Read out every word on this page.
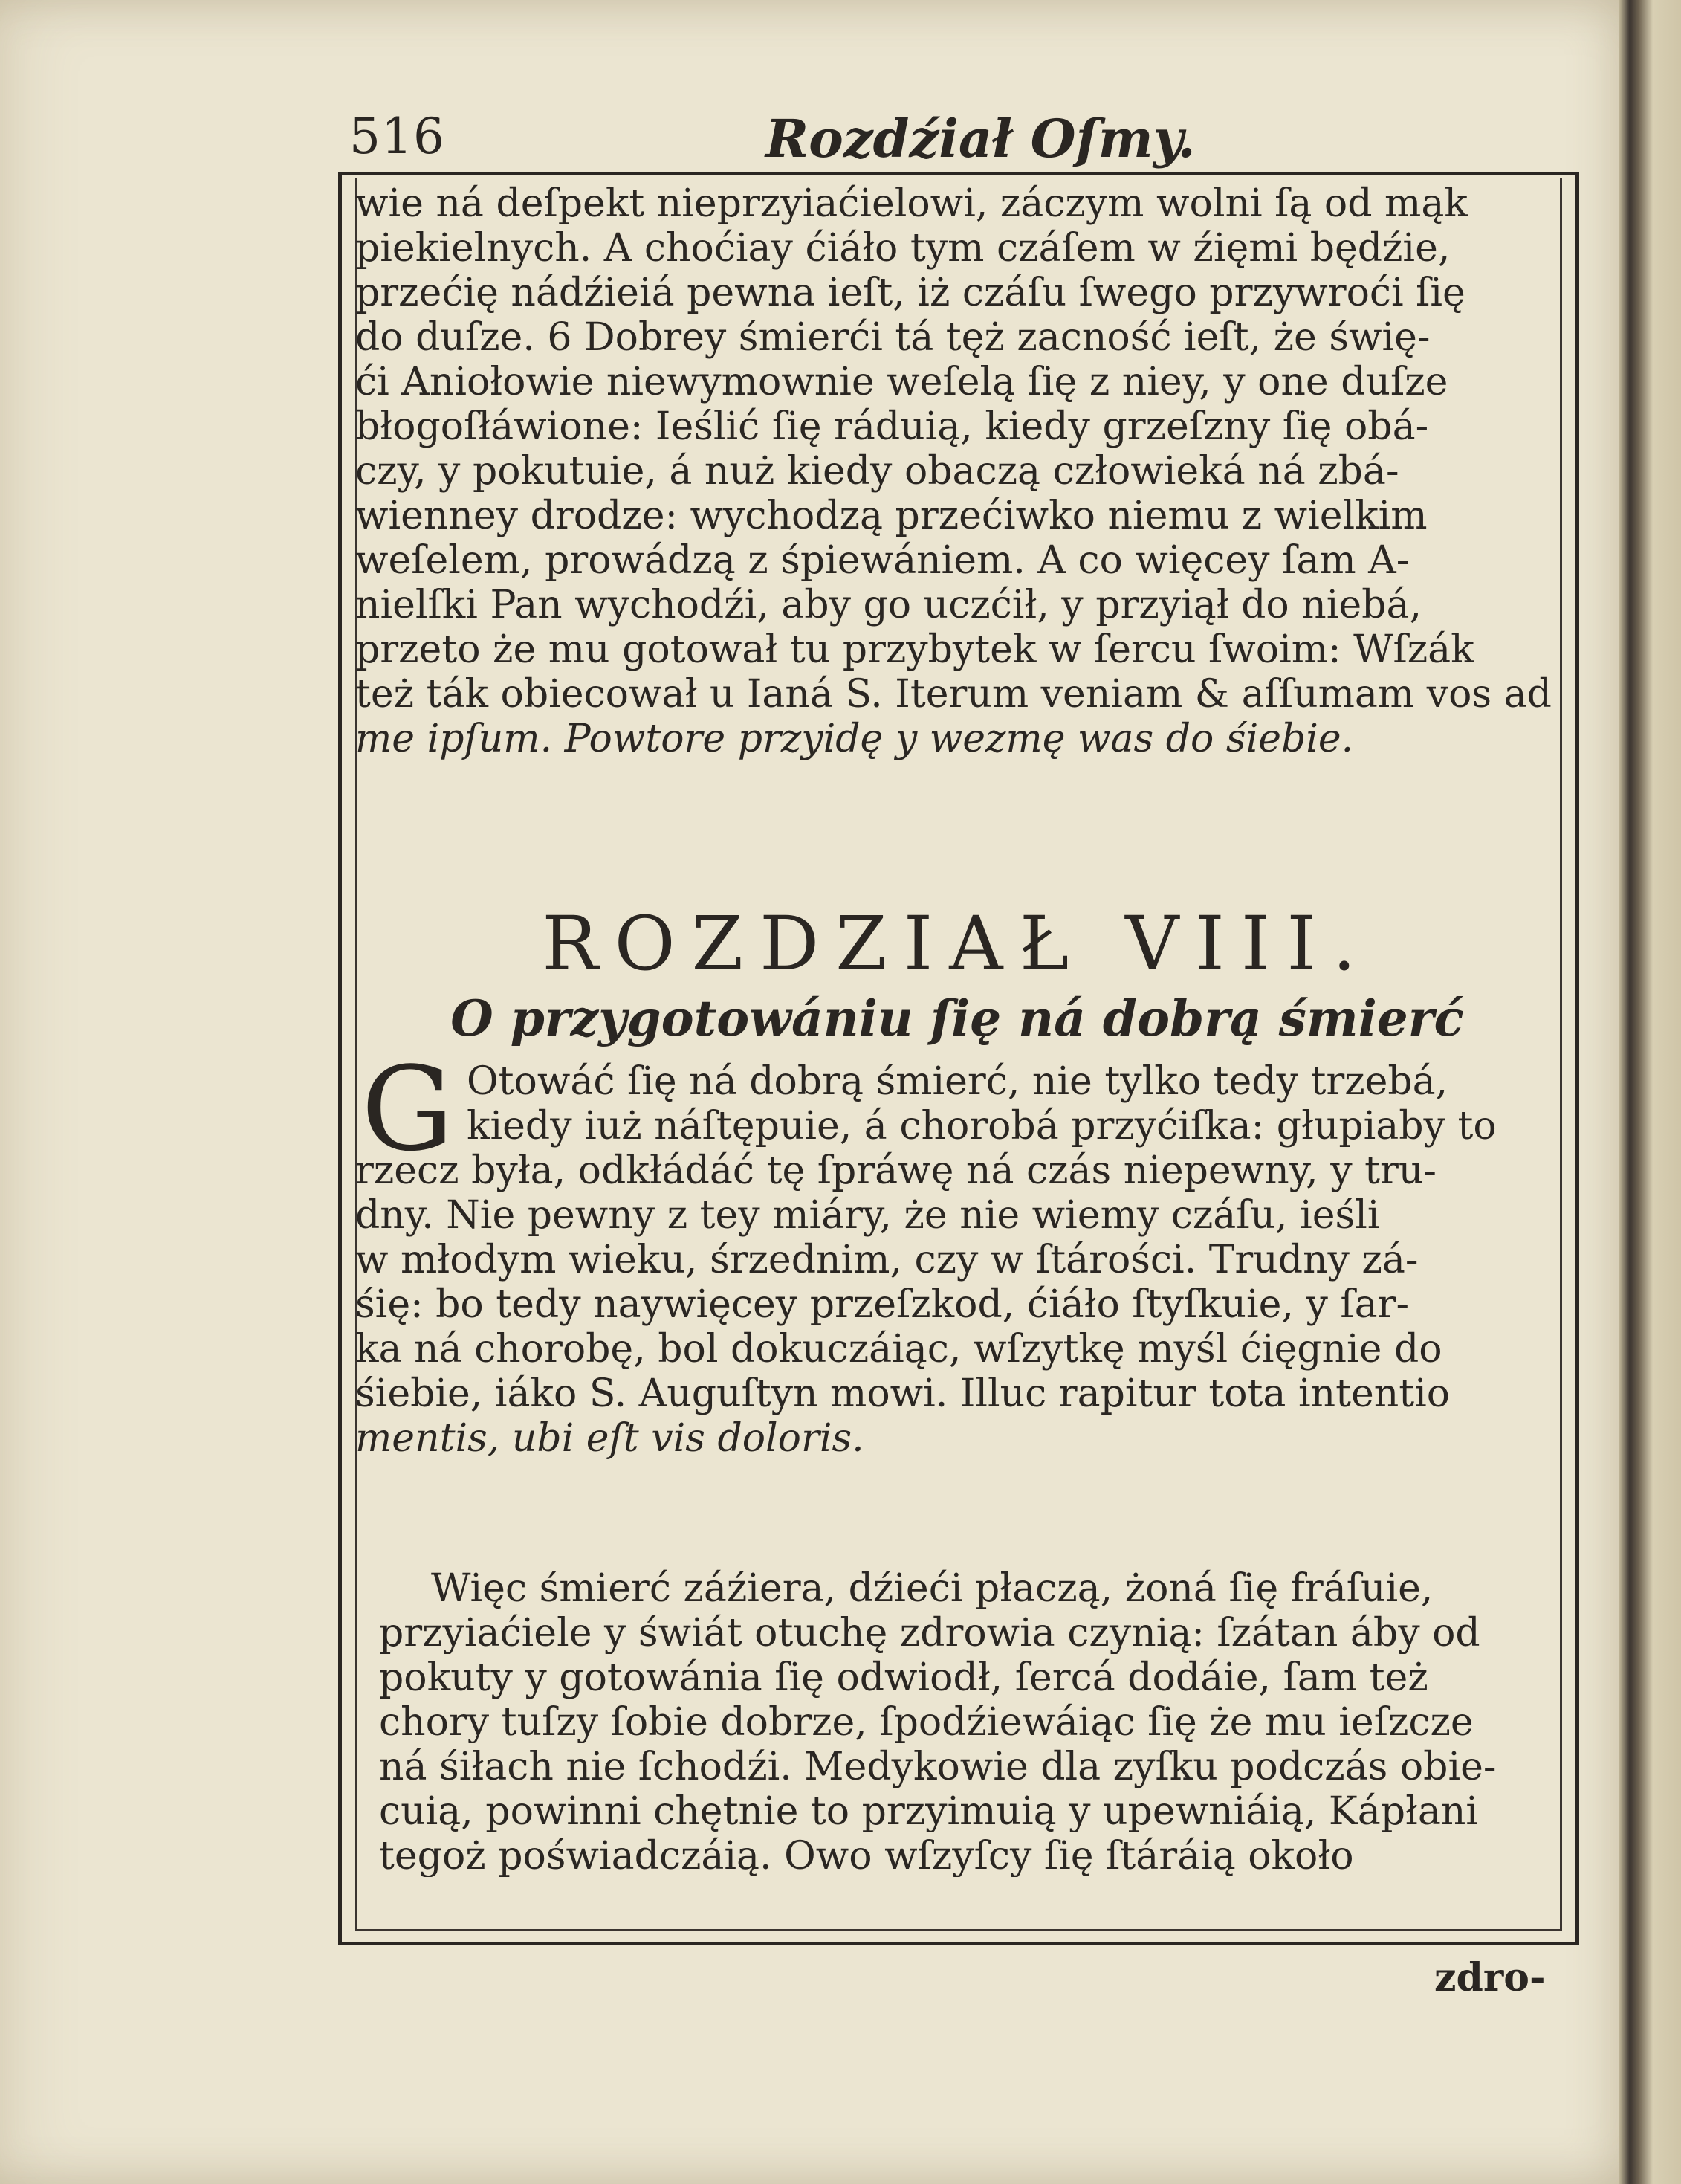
516	Rozdźiał Oſmy.
wie ná deſpekt nieprzyiaćielowi, záczym wolni ſą od mąk
piekielnych. A choćiay ćiáło tym czáſem w źięmi będźie,
przećię nádźieiá pewna ieſt, iż czáſu ſwego przywroći ſię
do duſze. 6 Dobrey śmierći tá tęż zacność ieſt, że świę-
ći Aniołowie niewymownie weſelą ſię z niey, y one duſze
błogoſłáwione: Ieślić ſię ráduią, kiedy grzeſzny ſię obá-
czy, y pokutuie, á nuż kiedy obaczą człowieká ná zbá-
wienney drodze: wychodzą przećiwko niemu z wielkim
weſelem, prowádzą z śpiewániem. A co więcey ſam A-
nielſki Pan wychodźi, aby go uczćił, y przyiął do niebá,
przeto że mu gotował tu przybytek w ſercu ſwoim: Wſzák
też ták obiecował u Ianá S. Iterum veniam & aſſumam vos ad
me ipſum. Powtore przyidę y wezmę was do śiebie.
ROZDZIAŁ VIII.
O przygotowániu ſię ná dobrą śmierć
G Otowáć ſię ná dobrą śmierć, nie tylko tedy trzebá,
kiedy iuż náſtępuie, á chorobá przyćiſka: głupiaby to
rzecz była, odkłádáć tę ſpráwę ná czás niepewny, y tru-
dny. Nie pewny z tey miáry, że nie wiemy czáſu, ieśli
w młodym wieku, śrzednim, czy w ſtárości. Trudny zá-
śię: bo tedy naywięcey przeſzkod, ćiáło ſtyſkuie, y ſar-
ka ná chorobę, bol dokuczáiąc, wſzytkę myśl ćięgnie do
śiebie, iáko S. Auguſtyn mowi. Illuc rapitur tota intentio
mentis, ubi eſt vis doloris.
Więc śmierć záźiera, dźieći płaczą, żoná ſię fráſuie,
przyiaćiele y świát otuchę zdrowia czynią: ſzátan áby od
pokuty y gotowánia ſię odwiodł, ſercá dodáie, ſam też
chory tuſzy ſobie dobrze, ſpodźiewáiąc ſię że mu ieſzcze
ná śiłach nie ſchodźi. Medykowie dla zyſku podczás obie-
cuią, powinni chętnie to przyimuią y upewniáią, Kápłani
tegoż poświadczáią. Owo wſzyſcy ſię ſtáráią około
zdro-
